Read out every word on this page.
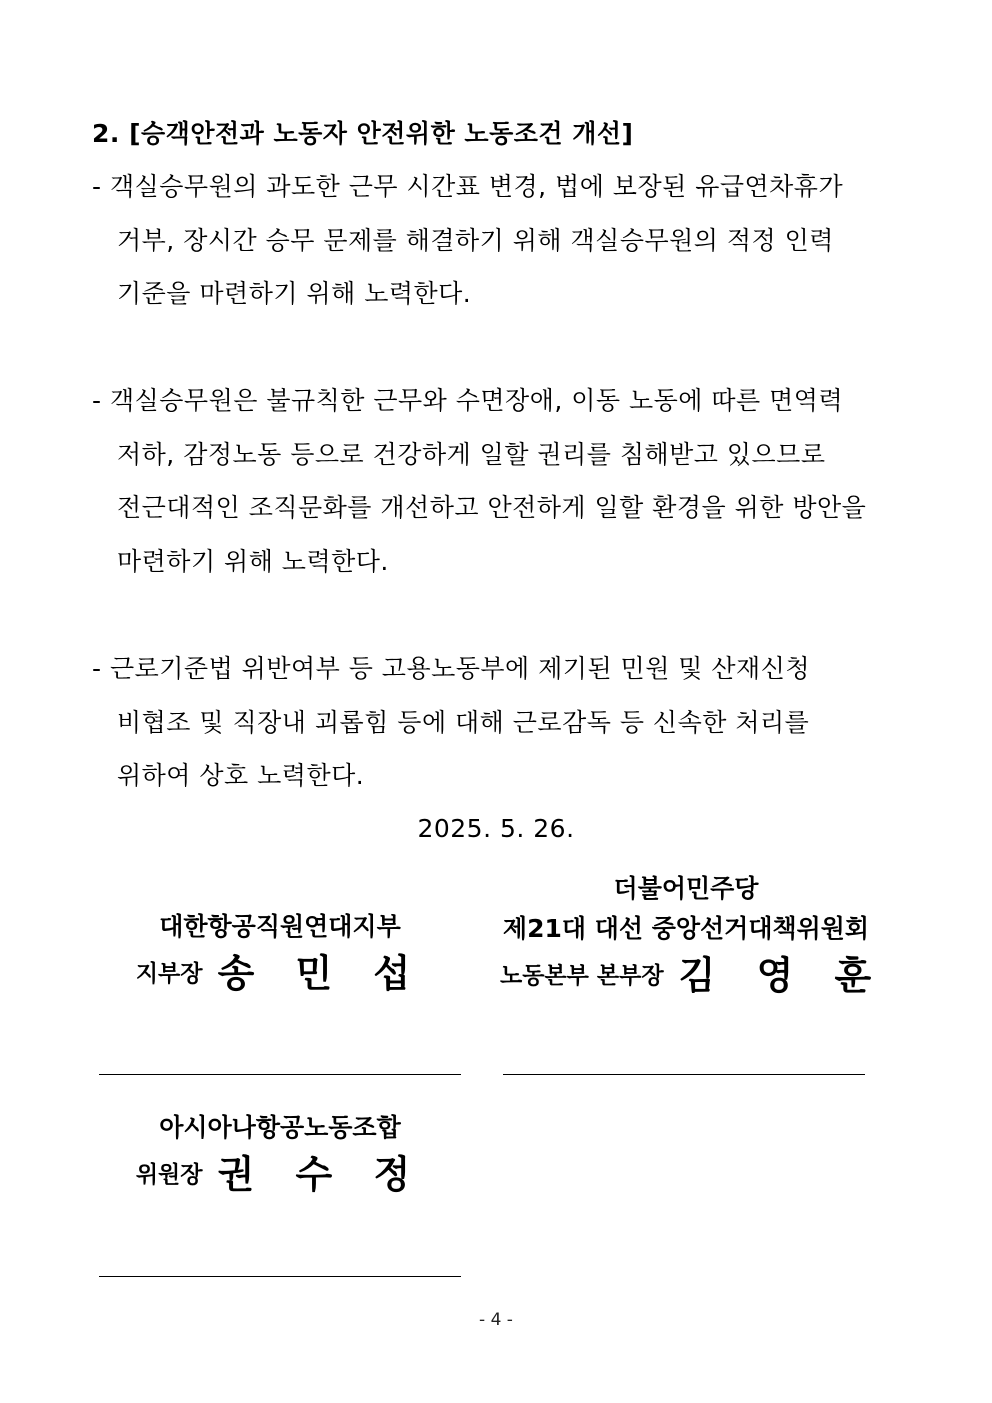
2. [승객안전과 노동자 안전위한 노동조건 개선]
- 객실승무원의 과도한 근무 시간표 변경, 법에 보장된 유급연차휴가
거부, 장시간 승무 문제를 해결하기 위해 객실승무원의 적정 인력
기준을 마련하기 위해 노력한다.
- 객실승무원은 불규칙한 근무와 수면장애, 이동 노동에 따른 면역력
저하, 감정노동 등으로 건강하게 일할 권리를 침해받고 있으므로
전근대적인 조직문화를 개선하고 안전하게 일할 환경을 위한 방안을
마련하기 위해 노력한다.
- 근로기준법 위반여부 등 고용노동부에 제기된 민원 및 산재신청
비협조 및 직장내 괴롭힘 등에 대해 근로감독 등 신속한 처리를
위하여 상호 노력한다.
2025. 5. 26.
대한항공직원연대지부
지부장 송 민 섭
더불어민주당
제21대 대선 중앙선거대책위원회
노동본부 본부장 김 영 훈
아시아나항공노동조합
위원장 권 수 정
- 4 -
